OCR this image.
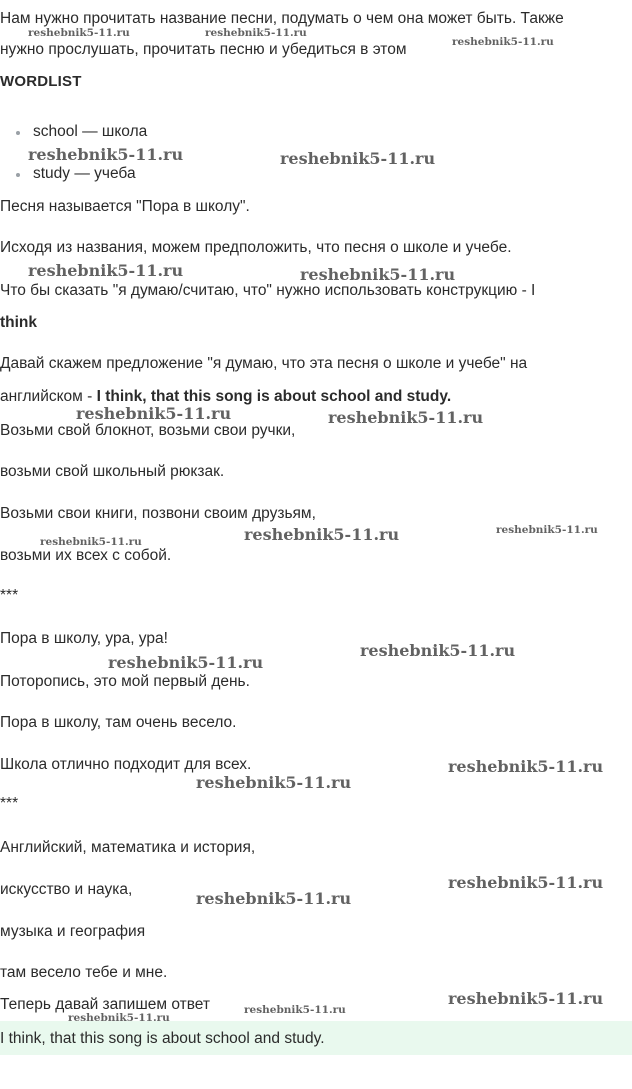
Нам нужно прочитать название песни, подумать о чем она может быть. Также

нужно прослушать, прочитать песню и убедиться в этом

WORDLIST

school — школа
study — учеба

Песня называется "Пора в школу".

Исходя из названия, можем предположить, что песня о школе и учебе.

Что бы сказать "я думаю/считаю, что" нужно использовать конструкцию - I

think

Давай скажем предложение "я думаю, что эта песня о школе и учебе" на

английском - I think, that this song is about school and study.

Возьми свой блокнот, возьми свои ручки,

возьми свой школьный рюкзак.

Возьми свои книги, позвони своим друзьям,

возьми их всех с собой.

***

Пора в школу, ура, ура!

Поторопись, это мой первый день.

Пора в школу, там очень весело.

Школа отлично подходит для всех.

***

Английский, математика и история,

искусство и наука,

музыка и география

там весело тебе и мне.

Теперь давай запишем ответ

I think, that this song is about school and study.
reshebnik5-11.ru	reshebnik5-11.ru
reshebnik5-11.ru
reshebnik5-11.ru	reshebnik5-11.ru
reshebnik5-11.ru	reshebnik5-11.ru
reshebnik5-11.ru	reshebnik5-11.ru
reshebnik5-11.ru
reshebnik5-11.ru
reshebnik5-11.ru
reshebnik5-11.ru
reshebnik5-11.ru
reshebnik5-11.ru
reshebnik5-11.ru
reshebnik5-11.ru
reshebnik5-11.ru
reshebnik5-11.ru
reshebnik5-11.ru
reshebnik5-11.ru
